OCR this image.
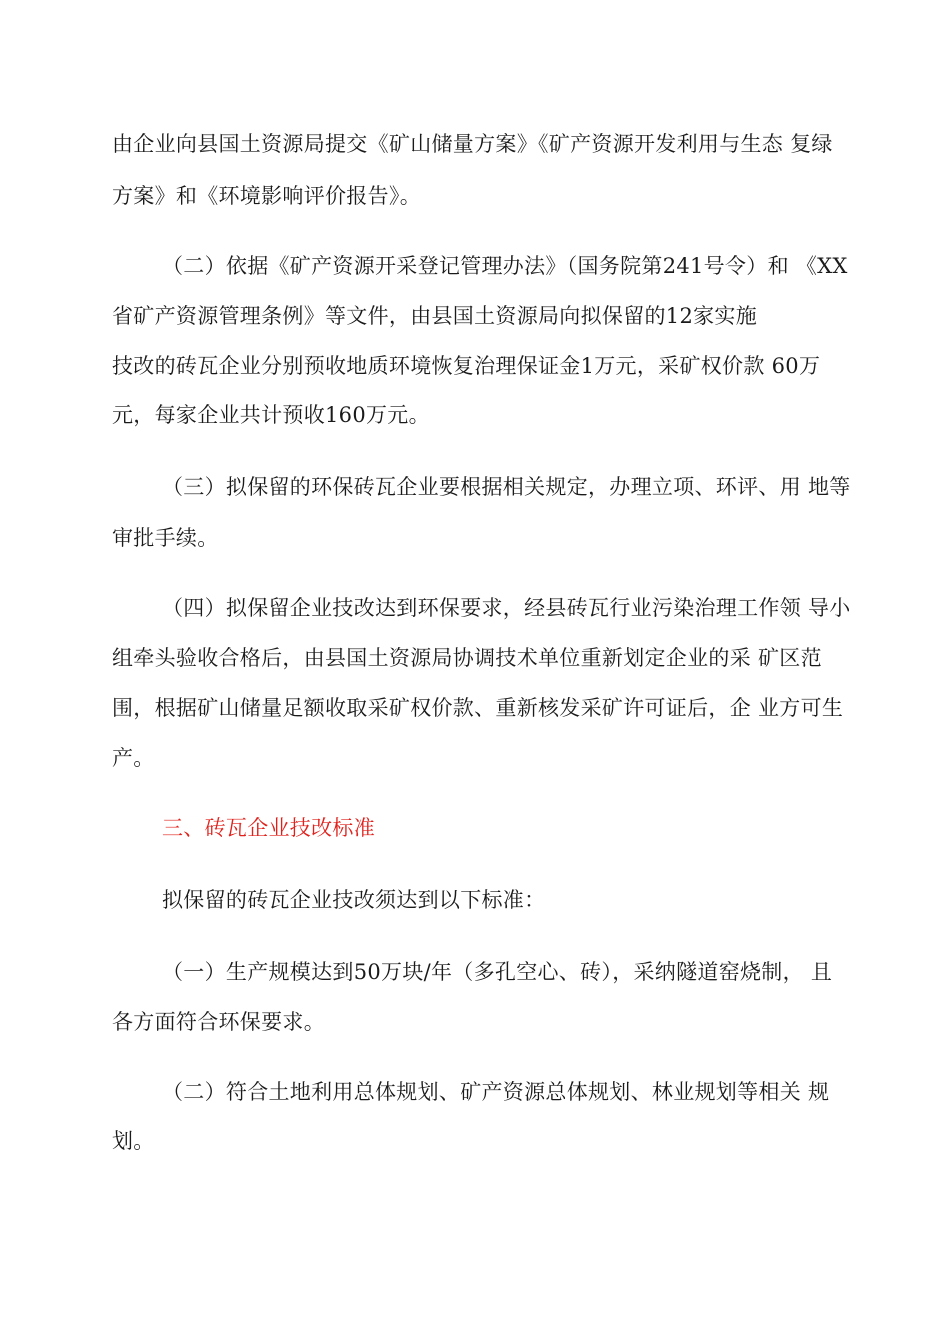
由企业向县国土资源局提交《矿山储量方案》《矿产资源开发利用与生态 复绿
方案》和《环境影响评价报告》。
（二）依据《矿产资源开采登记管理办法》（国务院第241号令）和 《XX
省矿产资源管理条例》等文件，由县国土资源局向拟保留的12家实施
技改的砖瓦企业分别预收地质环境恢复治理保证金1万元，采矿权价款 60万
元，每家企业共计预收160万元。
（三）拟保留的环保砖瓦企业要根据相关规定，办理立项、环评、用 地等
审批手续。
（四）拟保留企业技改达到环保要求，经县砖瓦行业污染治理工作领 导小
组牵头验收合格后，由县国土资源局协调技术单位重新划定企业的采 矿区范
围，根据矿山储量足额收取采矿权价款、重新核发采矿许可证后，企 业方可生
产。
三、砖瓦企业技改标准
拟保留的砖瓦企业技改须达到以下标准：
（一）生产规模达到50万块/年（多孔空心、砖），采纳隧道窑烧制， 且
各方面符合环保要求。
（二）符合土地利用总体规划、矿产资源总体规划、林业规划等相关 规
划。
